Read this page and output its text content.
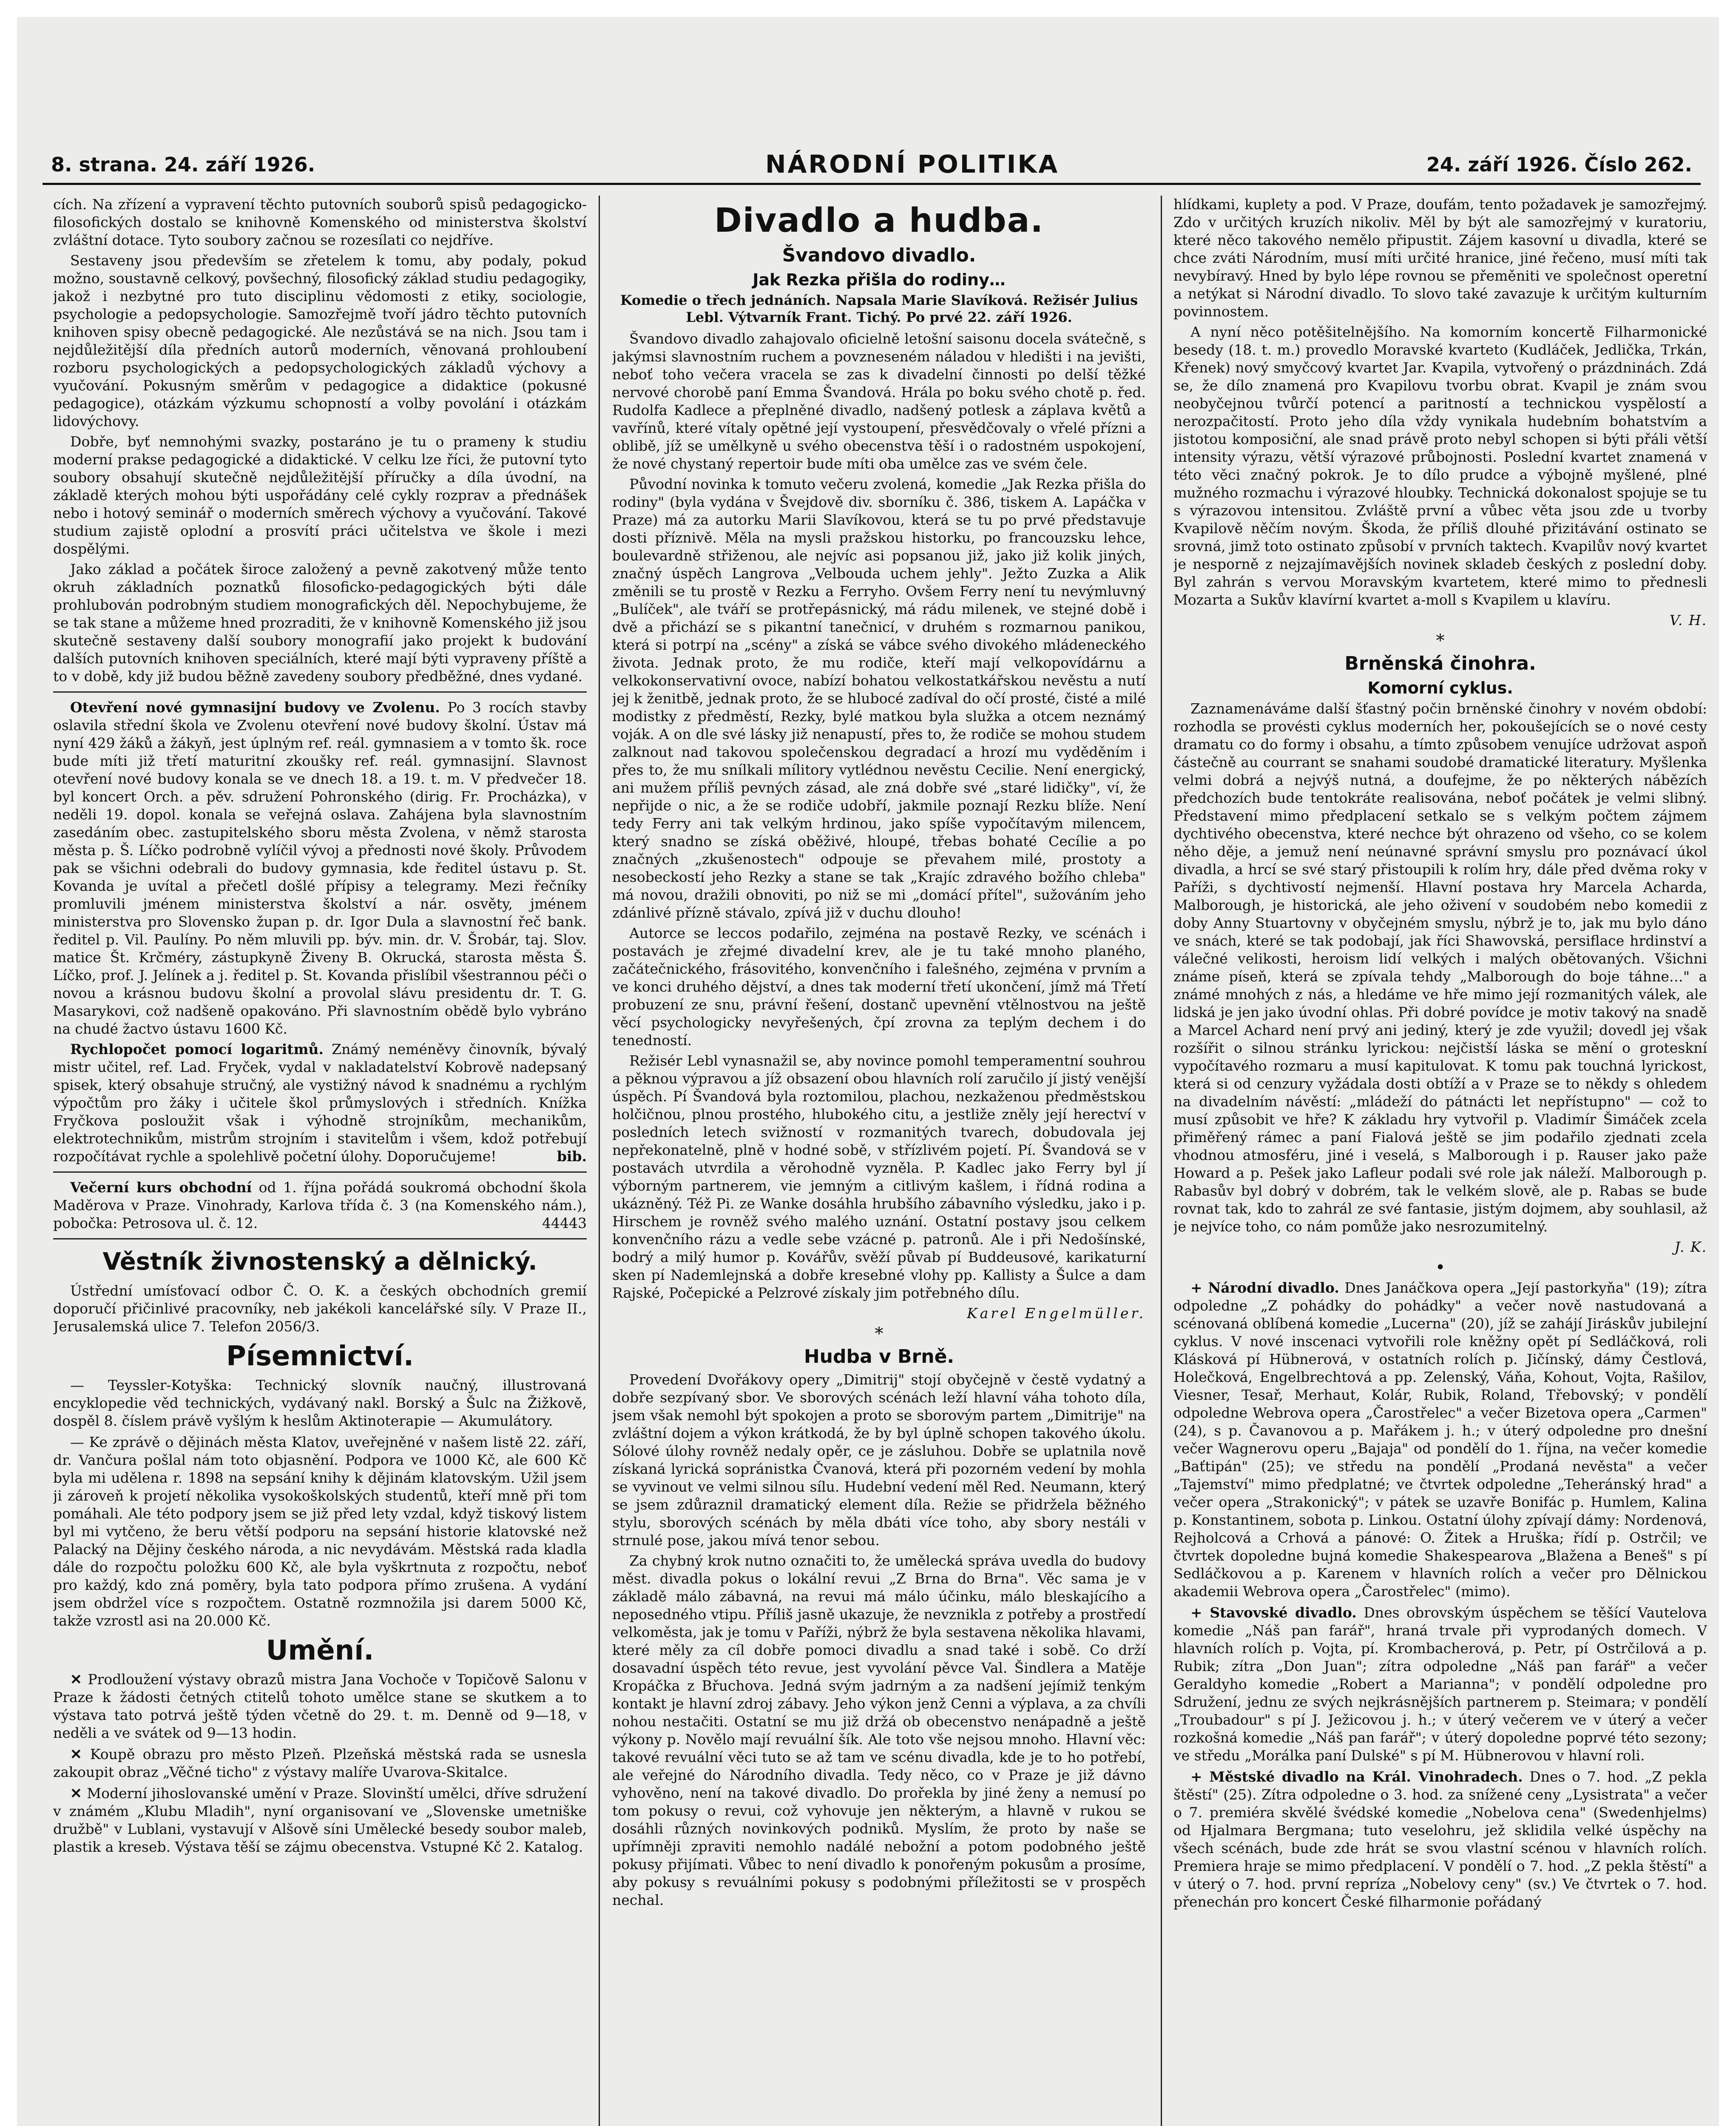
8. strana. 24. září 1926.	NÁRODNÍ POLITIKA	24. září 1926. Číslo 262.

cích. Na zřízení a vypravení těchto putovních souborů spisů pedagogicko-filosofických dostalo se knihovně Komenského od ministerstva školství zvláštní dotace. Tyto soubory začnou se rozesílati co nejdříve.

Sestaveny jsou především se zřetelem k tomu, aby podaly, pokud možno, soustavně celkový, povšechný, filosofický základ studiu pedagogiky, jakož i nezbytné pro tuto disciplinu vědomosti z etiky, sociologie, psychologie a pedopsychologie. Samozřejmě tvoří jádro těchto putovních knihoven spisy obecně pedagogické. Ale nezůstává se na nich. Jsou tam i nejdůležitější díla předních autorů moderních, věnovaná prohloubení rozboru psychologických a pedopsychologických základů výchovy a vyučování. Pokusným směrům v pedagogice a didaktice (pokusné pedagogice), otázkám výzkumu schopností a volby povolání i otázkám lidovýchovy.

Dobře, byť nemnohými svazky, postaráno je tu o prameny k studiu moderní prakse pedagogické a didaktické. V celku lze říci, že putovní tyto soubory obsahují skutečně nejdůležitější příručky a díla úvodní, na základě kterých mohou býti uspořádány celé cykly rozprav a přednášek nebo i hotový seminář o moderních směrech výchovy a vyučování. Takové studium zajistě oplodní a prosvítí práci učitelstva ve škole i mezi dospělými.

Jako základ a počátek široce založený a pevně zakotvený může tento okruh základních poznatků filosoficko-pedagogických býti dále prohlubován podrobným studiem monografických děl. Nepochybujeme, že se tak stane a můžeme hned prozraditi, že v knihovně Komenského již jsou skutečně sestaveny další soubory monografií jako projekt k budování dalších putovních knihoven speciálních, které mají býti vypraveny příště a to v době, kdy již budou běžně zavedeny soubory předběžné, dnes vydané.

Otevření nové gymnasijní budovy ve Zvolenu. Po 3 rocích stavby oslavila střední škola ve Zvolenu otevření nové budovy školní. Ústav má nyní 429 žáků a žákyň, jest úplným ref. reál. gymnasiem a v tomto šk. roce bude míti již třetí maturitní zkoušky ref. reál. gymnasijní. Slavnost otevření nové budovy konala se ve dnech 18. a 19. t. m. V předvečer 18. byl koncert Orch. a pěv. sdružení Pohronského (dirig. Fr. Procházka), v neděli 19. dopol. konala se veřejná oslava. Zahájena byla slavnostním zasedáním obec. zastupitelského sboru města Zvolena, v němž starosta města p. Š. Líčko podrobně vylíčil vývoj a přednosti nové školy. Průvodem pak se všichni odebrali do budovy gymnasia, kde ředitel ústavu p. St. Kovanda je uvítal a přečetl došlé přípisy a telegramy. Mezi řečníky promluvili jménem ministerstva školství a nár. osvěty, jménem ministerstva pro Slovensko župan p. dr. Igor Dula a slavnostní řeč bank. ředitel p. Vil. Paulíny. Po něm mluvili pp. býv. min. dr. V. Šrobár, taj. Slov. matice Št. Krčméry, zástupkyně Živeny B. Okrucká, starosta města Š. Líčko, prof. J. Jelínek a j. ředitel p. St. Kovanda přislíbil všestrannou péči o novou a krásnou budovu školní a provolal slávu presidentu dr. T. G. Masarykovi, což nadšeně opakováno. Při slavnostním obědě bylo vybráno na chudé žactvo ústavu 1600 Kč.

Rychlopočet pomocí logaritmů. Známý neméněvy činovník, bývalý mistr učitel, ref. Lad. Fryček, vydal v nakladatelství Kobrově nadepsaný spisek, který obsahuje stručný, ale vystižný návod k snadnému a rychlým výpočtům pro žáky i učitele škol průmyslových i středních. Knížka Fryčkova posloužit však i výhodně strojníkům, mechanikům, elektrotechnikům, mistrům strojním i stavitelům i všem, kdož potřebují rozpočítávat rychle a spolehlivě početní úlohy. Doporučujeme!	bib.

Večerní kurs obchodní od 1. října pořádá soukromá obchodní škola Maděrova v Praze. Vinohrady, Karlova třída č. 3 (na Komenského nám.), pobočka: Petrosova ul. č. 12.	44443

Věstník živnostenský a dělnický.

Ústřední umísťovací odbor Č. O. K. a českých obchodních gremií doporučí přičinlivé pracovníky, neb jakékoli kancelářské síly. V Praze II., Jerusalemská ulice 7. Telefon 2056/3.

Písemnictví.

— Teyssler-Kotyška: Technický slovník naučný, illustrovaná encyklopedie věd technických, vydávaný nakl. Borský a Šulc na Žižkově, dospěl 8. číslem právě vyšlým k heslům Aktinoterapie — Akumulátory.

— Ke zprávě o dějinách města Klatov, uveřejněné v našem listě 22. září, dr. Vančura pošlal nám toto objasnění. Podpora ve 1000 Kč, ale 600 Kč byla mi udělena r. 1898 na sepsání knihy k dějinám klatovským. Užil jsem ji zároveň k projetí několika vysokoškolských studentů, kteří mně při tom pomáhali. Ale této podpory jsem se již před lety vzdal, když tiskový listem byl mi vytčeno, že beru větší podporu na sepsání historie klatovské než Palacký na Dějiny českého národa, a nic nevydávám. Městská rada kladla dále do rozpočtu položku 600 Kč, ale byla vyškrtnuta z rozpočtu, neboť pro každý, kdo zná poměry, byla tato podpora přímo zrušena. A vydání jsem obdržel více s rozpočtem. Ostatně rozmnožila jsi darem 5000 Kč, takže vzrostl asi na 20.000 Kč.

Umění.

✕ Prodloužení výstavy obrazů mistra Jana Vochoče v Topičově Salonu v Praze k žádosti četných ctitelů tohoto umělce stane se skutkem a to výstava tato potrvá ještě týden včetně do 29. t. m. Denně od 9—18, v neděli a ve svátek od 9—13 hodin.

✕ Koupě obrazu pro město Plzeň. Plzeňská městská rada se usnesla zakoupit obraz „Věčné ticho" z výstavy malíře Uvarova-Skitalce.

✕ Moderní jihoslovanské umění v Praze. Slovinští umělci, dříve sdružení v známém „Klubu Mladih", nyní organisovaní ve „Slovenske umetniške družbě" v Lublani, vystavují v Alšově síni Umělecké besedy soubor maleb, plastik a kreseb. Výstava těší se zájmu obecenstva. Vstupné Kč 2. Katalog.

Divadlo a hudba.
Švandovo divadlo.
Jak Rezka přišla do rodiny…
Komedie o třech jednáních. Napsala Marie Slavíková. Režisér Julius Lebl. Výtvarník Frant. Tichý. Po prvé 22. září 1926.

Švandovo divadlo zahajovalo oficielně letošní saisonu docela svátečně, s jakýmsi slavnostním ruchem a povzneseném náladou v hledišti i na jevišti, neboť toho večera vracela se zas k divadelní činnosti po delší těžké nervové chorobě paní Emma Švandová. Hrála po boku svého chotě p. řed. Rudolfa Kadlece a přeplněné divadlo, nadšený potlesk a záplava květů a vavřínů, které vítaly opětné její vystoupení, přesvědčovaly o vřelé přízni a oblibě, jíž se umělkyně u svého obecenstva těší i o radostném uspokojení, že nové chystaný repertoir bude míti oba umělce zas ve svém čele.

Původní novinka k tomuto večeru zvolená, komedie „Jak Rezka přišla do rodiny" (byla vydána v Švejdově div. sborníku č. 386, tiskem A. Lapáčka v Praze) má za autorku Marii Slavíkovou, která se tu po prvé představuje dosti příznivě. Měla na mysli pražskou historku, po francouzsku lehce, boulevardně střiženou, ale nejvíc asi popsanou již, jako již kolik jiných, značný úspěch Langrova „Velbouda uchem jehly". Ježto Zuzka a Alik změnili se tu prostě v Rezku a Ferryho. Ovšem Ferry není tu nevýmluvný „Bulíček", ale tváří se protřepásnický, má rádu milenek, ve stejné době i dvě a přichází se s pikantní tanečnicí, v druhém s rozmarnou panikou, která si potrpí na „scény" a získá se vábce svého divokého mládeneckého života. Jednak proto, že mu rodiče, kteří mají velkopovídárnu a velkokonservativní ovoce, nabízí bohatou velkostatkářskou nevěstu a nutí jej k ženitbě, jednak proto, že se hlubocé zadíval do očí prosté, čisté a milé modistky z předměstí, Rezky, bylé matkou byla služka a otcem neznámý voják. A on dle své lásky již nenapustí, přes to, že rodiče se mohou studem zalknout nad takovou společenskou degradací a hrozí mu vyděděním i přes to, že mu snílkali mílitory vytlédnou nevěstu Cecilie. Není energický, ani mužem příliš pevných zásad, ale zná dobře své „staré lidičky", ví, že nepřijde o nic, a že se rodiče udobří, jakmile poznají Rezku blíže. Není tedy Ferry ani tak velkým hrdinou, jako spíše vypočítavým milencem, který snadno se získá oběživé, hloupé, třebas bohaté Cecílie a po značných „zkušenostech" odpouje se převahem milé, prostoty a nesobeckostí jeho Rezky a stane se tak „Krajíc zdravého božího chleba" má novou, dražili obnoviti, po niž se mi „domácí přítel", sužováním jeho zdánlivé přízně stávalo, zpívá již v duchu dlouho!

Autorce se leccos podařilo, zejména na postavě Rezky, ve scénách i postavách je zřejmé divadelní krev, ale je tu také mnoho planého, začátečnického, frásovitého, konvenčního i falešného, zejména v prvním a ve konci druhého dějství, a dnes tak moderní třetí ukončení, jímž má Třetí probuzení ze snu, právní řešení, dostanč upevnění vtělnostvou na ještě věcí psychologicky nevyřešených, čpí zrovna za teplým dechem i do tenedností.

Režisér Lebl vynasnažil se, aby novince pomohl temperamentní souhrou a pěknou výpravou a jíž obsazení obou hlavních rolí zaručilo jí jistý venější úspěch. Pí Švandová byla roztomilou, plachou, nezkaženou předměstskou holčičnou, plnou prostého, hlubokého citu, a jestliže zněly její herectví v posledních letech svižností v rozmanitých tvarech, dobudovala jej nepřekonatelně, plně v hodné sobě, v střízlivém pojetí. Pí. Švandová se v postavách utvrdila a věrohodně vyzněla. P. Kadlec jako Ferry byl jí výborným partnerem, vie jemným a citlivým kašlem, i řídná rodina a ukázněný. Též Pi. ze Wanke dosáhla hrubšího zábavního výsledku, jako i p. Hirschem je rovněž svého malého uznání. Ostatní postavy jsou celkem konvenčního rázu a vedle sebe vzácné p. patronů. Ale i při Nedošínské, bodrý a milý humor p. Kovářův, svěží půvab pí Buddeusové, karikaturní sken pí Nademlejnská a dobře kresebné vlohy pp. Kallisty a Šulce a dam Rajské, Počepické a Pelzrové získaly jim potřebného dílu.

Karel Engelmüller.

*
Hudba v Brně.

Provedení Dvořákovy opery „Dimitrij" stojí obyčejně v čestě vydatný a dobře sezpívaný sbor. Ve sborových scénách leží hlavní váha tohoto díla, jsem však nemohl být spokojen a proto se sborovým partem „Dimitrije" na zvláštní dojem a výkon krátkodá, že by byl úplně schopen takového úkolu. Sólové úlohy rovněž nedaly opěr, ce je zásluhou. Dobře se uplatnila nově získaná lyrická sopránistka Čvanová, která při pozorném vedení by mohla se vyvinout ve velmi silnou sílu. Hudební vedení měl Red. Neumann, který se jsem zdůraznil dramatický element díla. Režie se přidržela běžného stylu, sborových scénách by měla dbáti více toho, aby sbory nestáli v strnulé pose, jakou mívá tenor sebou.

Za chybný krok nutno označiti to, že umělecká správa uvedla do budovy měst. divadla pokus o lokální revui „Z Brna do Brna". Věc sama je v základě málo zábavná, na revui má málo účinku, málo bleskajícího a neposedného vtipu. Příliš jasně ukazuje, že nevznikla z potřeby a prostředí velkoměsta, jak je tomu v Paříži, nýbrž že byla sestavena několika hlavami, které měly za cíl dobře pomoci divadlu a snad také i sobě. Co drží dosavadní úspěch této revue, jest vyvolání pěvce Val. Šindlera a Matěje Kropáčka z Břuchova. Jedná svým jadrným a za nadšení jejímiž tenkým kontakt je hlavní zdroj zábavy. Jeho výkon jenž Cenni a výplava, a za chvíli nohou nestačiti. Ostatní se mu již držá ob obecenstvo nenápadně a ještě výkony p. Novělo mají revuální šík. Ale toto vše nejsou mnoho. Hlavní věc: takové revuální věci tuto se až tam ve scénu divadla, kde je to ho potřebí, ale veřejné do Národního divadla. Tedy něco, co v Praze je již dávno vyhověno, není na takové divadlo. Do prořekla by jiné ženy a nemusí po tom pokusy o revui, což vyhovuje jen některým, a hlavně v rukou se dosáhli různých novinkových podniků. Myslím, že proto by naše se upřímněji zpraviti nemohlo nadálé nebožní a potom podobného ještě pokusy přijímati. Vůbec to není divadlo k ponořeným pokusům a prosíme, aby pokusy s revuálními pokusy s podobnými příležitosti se v prospěch nechal.

hlídkami, kuplety a pod. V Praze, doufám, tento požadavek je samozřejmý. Zdo v určitých kruzích nikoliv. Měl by být ale samozřejmý v kuratoriu, které něco takového nemělo připustit. Zájem kasovní u divadla, které se chce zváti Národním, musí míti určité hranice, jiné řečeno, musí míti tak nevybíravý. Hned by bylo lépe rovnou se přeměniti ve společnost operetní a netýkat si Národní divadlo. To slovo také zavazuje k určitým kulturním povinnostem.

A nyní něco potěšitelnějšího. Na komorním koncertě Filharmonické besedy (18. t. m.) provedlo Moravské kvarteto (Kudláček, Jedlička, Trkán, Křenek) nový smyčcový kvartet Jar. Kvapila, vytvořený o prázdninách. Zdá se, že dílo znamená pro Kvapilovu tvorbu obrat. Kvapil je znám svou neobyčejnou tvůrčí potencí a paritností a technickou vyspělostí a nerozpačitostí. Proto jeho díla vždy vynikala hudebním bohatstvím a jistotou komposiční, ale snad právě proto nebyl schopen si býti přáli větší intensity výrazu, větší výrazové průbojnosti. Poslední kvartet znamená v této věci značný pokrok. Je to dílo prudce a výbojně myšlené, plné mužného rozmachu i výrazové hloubky. Technická dokonalost spojuje se tu s výrazovou intensitou. Zvláště první a vůbec věta jsou zde u tvorby Kvapilově něčím novým. Škoda, že příliš dlouhé přizitávání ostinato se srovná, jimž toto ostinato způsobí v prvních taktech. Kvapilův nový kvartet je nesporně z nejzajímavějších novinek skladeb českých z poslední doby. Byl zahrán s vervou Moravským kvartetem, které mimo to přednesli Mozarta a Sukův klavírní kvartet a-moll s Kvapilem u klavíru.

V. H.

*
Brněnská činohra.
Komorní cyklus.

Zaznamenáváme další šťastný počin brněnské činohry v novém období: rozhodla se provésti cyklus moderních her, pokoušejících se o nové cesty dramatu co do formy i obsahu, a tímto způsobem venujíce udržovat aspoň částečně au courrant se snahami soudobé dramatické literatury. Myšlenka velmi dobrá a nejvýš nutná, a doufejme, že po některých nábězích předchozích bude tentokráte realisována, neboť počátek je velmi slibný. Představení mimo předplacení setkalo se s velkým počtem zájmem dychtivého obecenstva, které nechce být ohrazeno od všeho, co se kolem něho děje, a jemuž není neúnavné správní smyslu pro poznávací úkol divadla, a hrcí se své starý přistoupili k rolím hry, dále před dvěma roky v Paříži, s dychtivostí nejmenší. Hlavní postava hry Marcela Acharda, Malborough, je historická, ale jeho oživení v soudobém nebo komedii z doby Anny Stuartovny v obyčejném smyslu, nýbrž je to, jak mu bylo dáno ve snách, které se tak podobají, jak říci Shawovská, persiflace hrdinství a válečné velikosti, heroism lidí velkých i malých obětovaných. Všichni známe píseň, která se zpívala tehdy „Malborough do boje táhne…" a známé mnohých z nás, a hledáme ve hře mimo její rozmanitých válek, ale lidská je jen jako úvodní ohlas. Při dobré povídce je motiv takový na snadě a Marcel Achard není prvý ani jediný, který je zde využil; dovedl jej však rozšířit o silnou stránku lyrickou: nejčistší láska se mění o groteskní vypočítavého rozmaru a musí kapitulovat. K tomu pak touchná lyrickost, která si od cenzury vyžádala dosti obtíží a v Praze se to někdy s ohledem na divadelním návěstí: „mládeží do pátnácti let nepřístupno" — což to musí způsobit ve hře? K základu hry vytvořil p. Vladimír Šimáček zcela přiměřený rámec a paní Fialová ještě se jim podařilo zjednati zcela vhodnou atmosféru, jiné i veselá, s Malborough i p. Rauser jako paže Howard a p. Pešek jako Lafleur podali své role jak náleží. Malborough p. Rabasův byl dobrý v dobrém, tak le velkém slově, ale p. Rabas se bude rovnat tak, kdo to zahrál ze své fantasie, jistým dojmem, aby souhlasil, až je nejvíce toho, co nám pomůže jako nesrozumitelný.

J. K.

•

+ Národní divadlo. Dnes Janáčkova opera „Její pastorkyňa" (19); zítra odpoledne „Z pohádky do pohádky" a večer nově nastudovaná a scénovaná oblíbená komedie „Lucerna" (20), jíž se zahájí Jiráskův jubilejní cyklus. V nové inscenaci vytvořili role kněžny opět pí Sedláčková, roli Klásková pí Hübnerová, v ostatních rolích p. Jičínský, dámy Čestlová, Holečková, Engelbrechtová a pp. Zelenský, Váňa, Kohout, Vojta, Rašilov, Viesner, Tesař, Merhaut, Kolár, Rubik, Roland, Třebovský; v pondělí odpoledne Webrova opera „Čarostřelec" a večer Bizetova opera „Carmen" (24), s p. Čavanovou a p. Mařákem j. h.; v úterý odpoledne pro dnešní večer Wagnerovu operu „Bajaja" od pondělí do 1. října, na večer komedie „Baťtipán" (25); ve středu na pondělí „Prodaná nevěsta" a večer „Tajemství" mimo předplatné; ve čtvrtek odpoledne „Teheránský hrad" a večer opera „Strakonický"; v pátek se uzavře Bonifác p. Humlem, Kalina p. Konstantinem, sobota p. Linkou. Ostatní úlohy zpívají dámy: Nordenová, Rejholcová a Crhová a pánové: O. Žitek a Hruška; řídí p. Ostrčil; ve čtvrtek dopoledne bujná komedie Shakespearova „Blažena a Beneš" s pí Sedláčkovou a p. Karenem v hlavních rolích a večer pro Dělnickou akademii Webrova opera „Čarostřelec" (mimo).

+ Stavovské divadlo. Dnes obrovským úspěchem se těšící Vautelova komedie „Náš pan farář", hraná trvale při vyprodaných domech. V hlavních rolích p. Vojta, pí. Krombacherová, p. Petr, pí Ostrčilová a p. Rubik; zítra „Don Juan"; zítra odpoledne „Náš pan farář" a večer Geraldyho komedie „Robert a Marianna"; v pondělí odpoledne pro Sdružení, jednu ze svých nejkrásnějších partnerem p. Steimara; v pondělí „Troubadour" s pí J. Ježicovou j. h.; v úterý večerem ve v úterý a večer rozkošná komedie „Náš pan farář"; v úterý dopoledne poprvé této sezony; ve středu „Morálka paní Dulské" s pí M. Hübnerovou v hlavní roli.

+ Městské divadlo na Král. Vinohradech. Dnes o 7. hod. „Z pekla štěstí" (25). Zítra odpoledne o 3. hod. za snížené ceny „Lysistrata" a večer o 7. premiéra skvělé švédské komedie „Nobelova cena" (Swedenhjelms) od Hjalmara Bergmana; tuto veselohru, jež sklidila velké úspěchy na všech scénách, bude zde hrát se svou vlastní scénou v hlavních rolích. Premiera hraje se mimo předplacení. V pondělí o 7. hod. „Z pekla štěstí" a v úterý o 7. hod. první repríza „Nobelovy ceny" (sv.) Ve čtvrtek o 7. hod. přenechán pro koncert České filharmonie pořádaný
